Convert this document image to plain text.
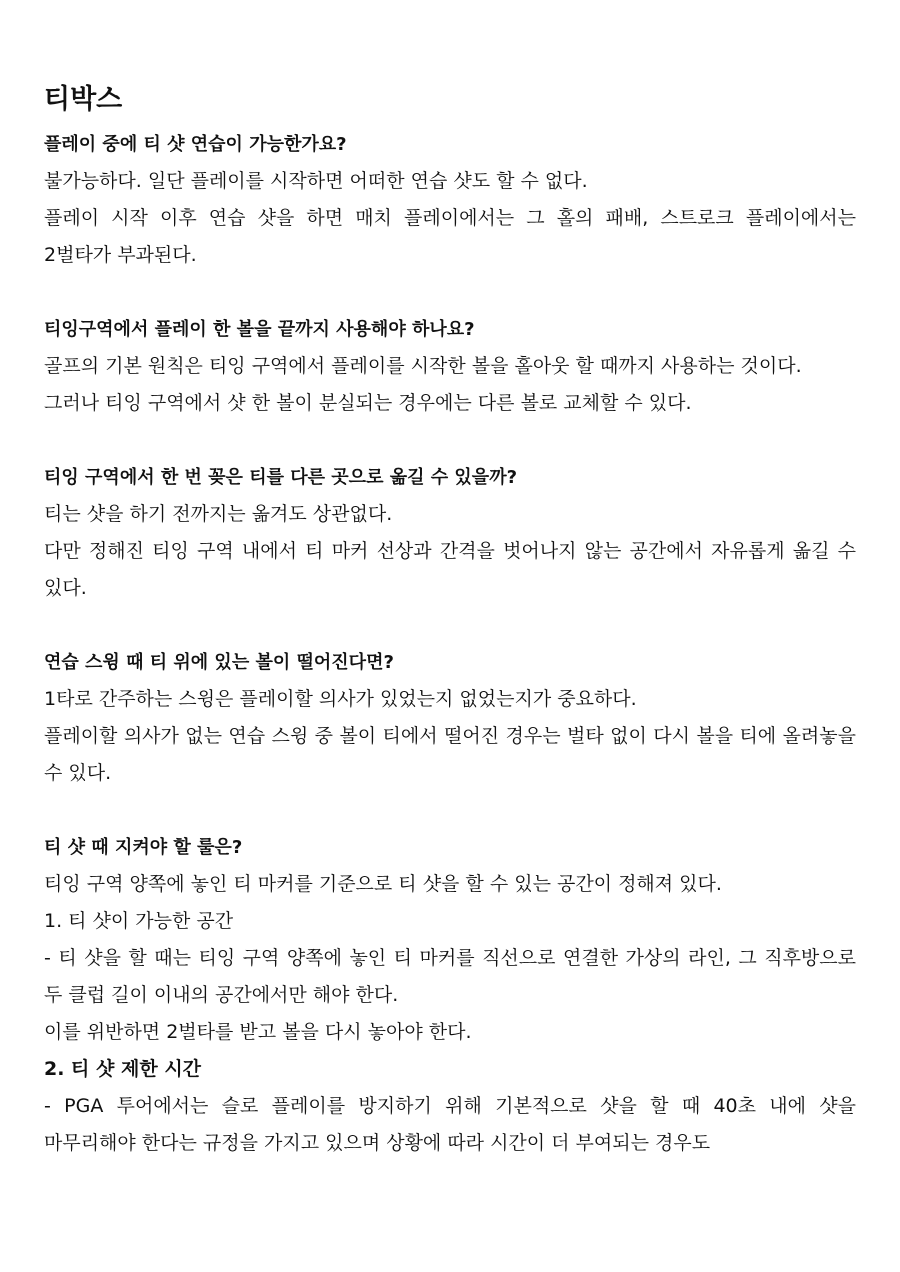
티박스
플레이 중에 티 샷 연습이 가능한가요?

불가능하다. 일단 플레이를 시작하면 어떠한 연습 샷도 할 수 없다.

플레이 시작 이후 연습 샷을 하면 매치 플레이에서는 그 홀의 패배, 스트로크 플레이에서는 2벌타가 부과된다.

티잉구역에서 플레이 한 볼을 끝까지 사용해야 하나요?

골프의 기본 원칙은 티잉 구역에서 플레이를 시작한 볼을 홀아웃 할 때까지 사용하는 것이다.

그러나 티잉 구역에서 샷 한 볼이 분실되는 경우에는 다른 볼로 교체할 수 있다.

티잉 구역에서 한 번 꽂은 티를 다른 곳으로 옮길 수 있을까?

티는 샷을 하기 전까지는 옮겨도 상관없다.

다만 정해진 티잉 구역 내에서 티 마커 선상과 간격을 벗어나지 않는 공간에서 자유롭게 옮길 수 있다.

연습 스윙 때 티 위에 있는 볼이 떨어진다면?

1타로 간주하는 스윙은 플레이할 의사가 있었는지 없었는지가 중요하다.

플레이할 의사가 없는 연습 스윙 중 볼이 티에서 떨어진 경우는 벌타 없이 다시 볼을 티에 올려놓을 수 있다.

티 샷 때 지켜야 할 룰은?

티잉 구역 양쪽에 놓인 티 마커를 기준으로 티 샷을 할 수 있는 공간이 정해져 있다.

1. 티 샷이 가능한 공간

- 티 샷을 할 때는 티잉 구역 양쪽에 놓인 티 마커를 직선으로 연결한 가상의 라인, 그 직후방으로 두 클럽 길이 이내의 공간에서만 해야 한다.

이를 위반하면 2벌타를 받고 볼을 다시 놓아야 한다.

2. 티 샷 제한 시간

- PGA 투어에서는 슬로 플레이를 방지하기 위해 기본적으로 샷을 할 때 40초 내에 샷을 마무리해야 한다는 규정을 가지고 있으며 상황에 따라 시간이 더 부여되는 경우도
